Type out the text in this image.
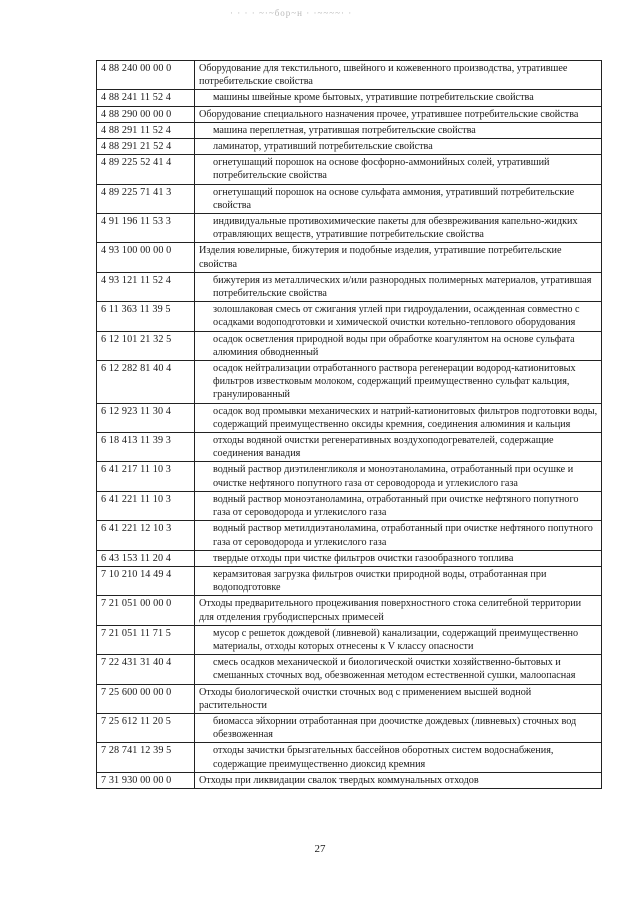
· · · · ~·~бор~н · ·~~~~· ·
4 88 240 00 00 0	Оборудование для текстильного, швейного и кожевенного производства, утратившее потребительские свойства
4 88 241 11 52 4	машины швейные кроме бытовых, утратившие потребительские свойства
4 88 290 00 00 0	Оборудование специального назначения прочее, утратившее потребительские свойства
4 88 291 11 52 4	машина переплетная, утратившая потребительские свойства
4 88 291 21 52 4	ламинатор, утративший потребительские свойства
4 89 225 52 41 4	огнетушащий порошок на основе фосфорно-аммонийных солей, утративший потребительские свойства
4 89 225 71 41 3	огнетушащий порошок на основе сульфата аммония, утративший потребительские свойства
4 91 196 11 53 3	индивидуальные противохимические пакеты для обезвреживания капельно-жидких отравляющих веществ, утратившие потребительские свойства
4 93 100 00 00 0	Изделия ювелирные, бижутерия и подобные изделия, утратившие потребительские свойства
4 93 121 11 52 4	бижутерия из металлических и/или разнородных полимерных материалов, утратившая потребительские свойства
6 11 363 11 39 5	золошлаковая смесь от сжигания углей при гидроудалении, осажденная совместно с осадками водоподготовки и химической очистки котельно-теплового оборудования
6 12 101 21 32 5	осадок осветления природной воды при обработке коагулянтом на основе сульфата алюминия обводненный
6 12 282 81 40 4	осадок нейтрализации отработанного раствора регенерации водород-катионитовых фильтров известковым молоком, содержащий преимущественно сульфат кальция, гранулированный
6 12 923 11 30 4	осадок вод промывки механических и натрий-катионитовых фильтров подготовки воды, содержащий преимущественно оксиды кремния, соединения алюминия и кальция
6 18 413 11 39 3	отходы водяной очистки регенеративных воздухоподогревателей, содержащие соединения ванадия
6 41 217 11 10 3	водный раствор диэтиленгликоля и моноэтаноламина, отработанный при осушке и очистке нефтяного попутного газа от сероводорода и углекислого газа
6 41 221 11 10 3	водный раствор моноэтаноламина, отработанный при очистке нефтяного попутного газа от сероводорода и углекислого газа
6 41 221 12 10 3	водный раствор метилдиэтаноламина, отработанный при очистке нефтяного попутного газа от сероводорода и углекислого газа
6 43 153 11 20 4	твердые отходы при чистке фильтров очистки газообразного топлива
7 10 210 14 49 4	керамзитовая загрузка фильтров очистки природной воды, отработанная при водоподготовке
7 21 051 00 00 0	Отходы предварительного процеживания поверхностного стока селитебной территории для отделения грубодисперсных примесей
7 21 051 11 71 5	мусор с решеток дождевой (ливневой) канализации, содержащий преимущественно материалы, отходы которых отнесены к V классу опасности
7 22 431 31 40 4	смесь осадков механической и биологической очистки хозяйственно-бытовых и смешанных сточных вод, обезвоженная методом естественной сушки, малоопасная
7 25 600 00 00 0	Отходы биологической очистки сточных вод с применением высшей водной растительности
7 25 612 11 20 5	биомасса эйхорнии отработанная при доочистке дождевых (ливневых) сточных вод обезвоженная
7 28 741 12 39 5	отходы зачистки брызгательных бассейнов оборотных систем водоснабжения, содержащие преимущественно диоксид кремния
7 31 930 00 00 0	Отходы при ликвидации свалок твердых коммунальных отходов
27
